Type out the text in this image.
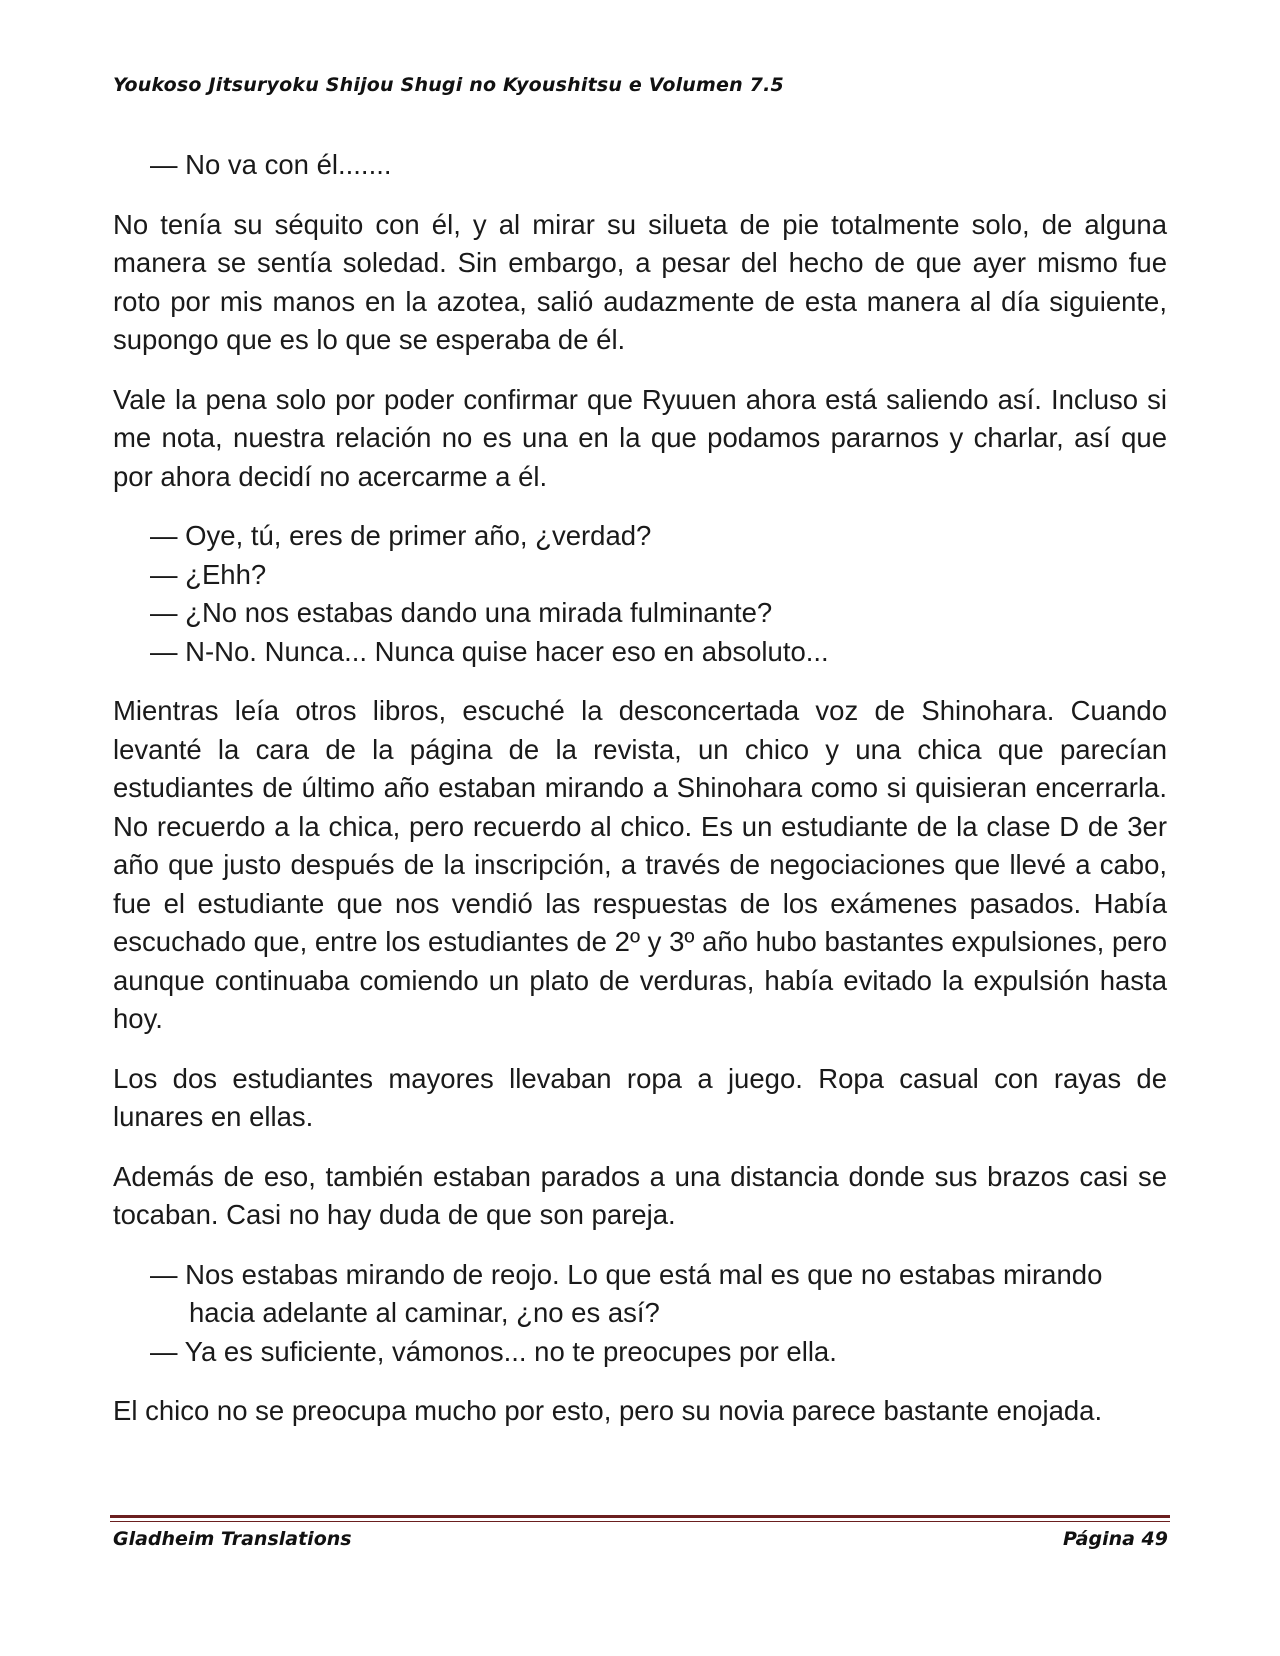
Youkoso Jitsuryoku Shijou Shugi no Kyoushitsu e Volumen 7.5
— No va con él.......

No tenía su séquito con él, y al mirar su silueta de pie totalmente solo, de alguna manera se sentía soledad. Sin embargo, a pesar del hecho de que ayer mismo fue roto por mis manos en la azotea, salió audazmente de esta manera al día siguiente, supongo que es lo que se esperaba de él.

Vale la pena solo por poder confirmar que Ryuuen ahora está saliendo así. Incluso si me nota, nuestra relación no es una en la que podamos pararnos y charlar, así que por ahora decidí no acercarme a él.

— Oye, tú, eres de primer año, ¿verdad?
— ¿Ehh?
— ¿No nos estabas dando una mirada fulminante?
— N-No. Nunca... Nunca quise hacer eso en absoluto...

Mientras leía otros libros, escuché la desconcertada voz de Shinohara. Cuando levanté la cara de la página de la revista, un chico y una chica que parecían estudiantes de último año estaban mirando a Shinohara como si quisieran encerrarla. No recuerdo a la chica, pero recuerdo al chico. Es un estudiante de la clase D de 3er año que justo después de la inscripción, a través de negociaciones que llevé a cabo, fue el estudiante que nos vendió las respuestas de los exámenes pasados. Había escuchado que, entre los estudiantes de 2º y 3º año hubo bastantes expulsiones, pero aunque continuaba comiendo un plato de verduras, había evitado la expulsión hasta hoy.

Los dos estudiantes mayores llevaban ropa a juego. Ropa casual con rayas de lunares en ellas.

Además de eso, también estaban parados a una distancia donde sus brazos casi se tocaban. Casi no hay duda de que son pareja.

— Nos estabas mirando de reojo. Lo que está mal es que no estabas mirando hacia adelante al caminar, ¿no es así?
— Ya es suficiente, vámonos... no te preocupes por ella.

El chico no se preocupa mucho por esto, pero su novia parece bastante enojada.

Gladheim Translations	Página 49
